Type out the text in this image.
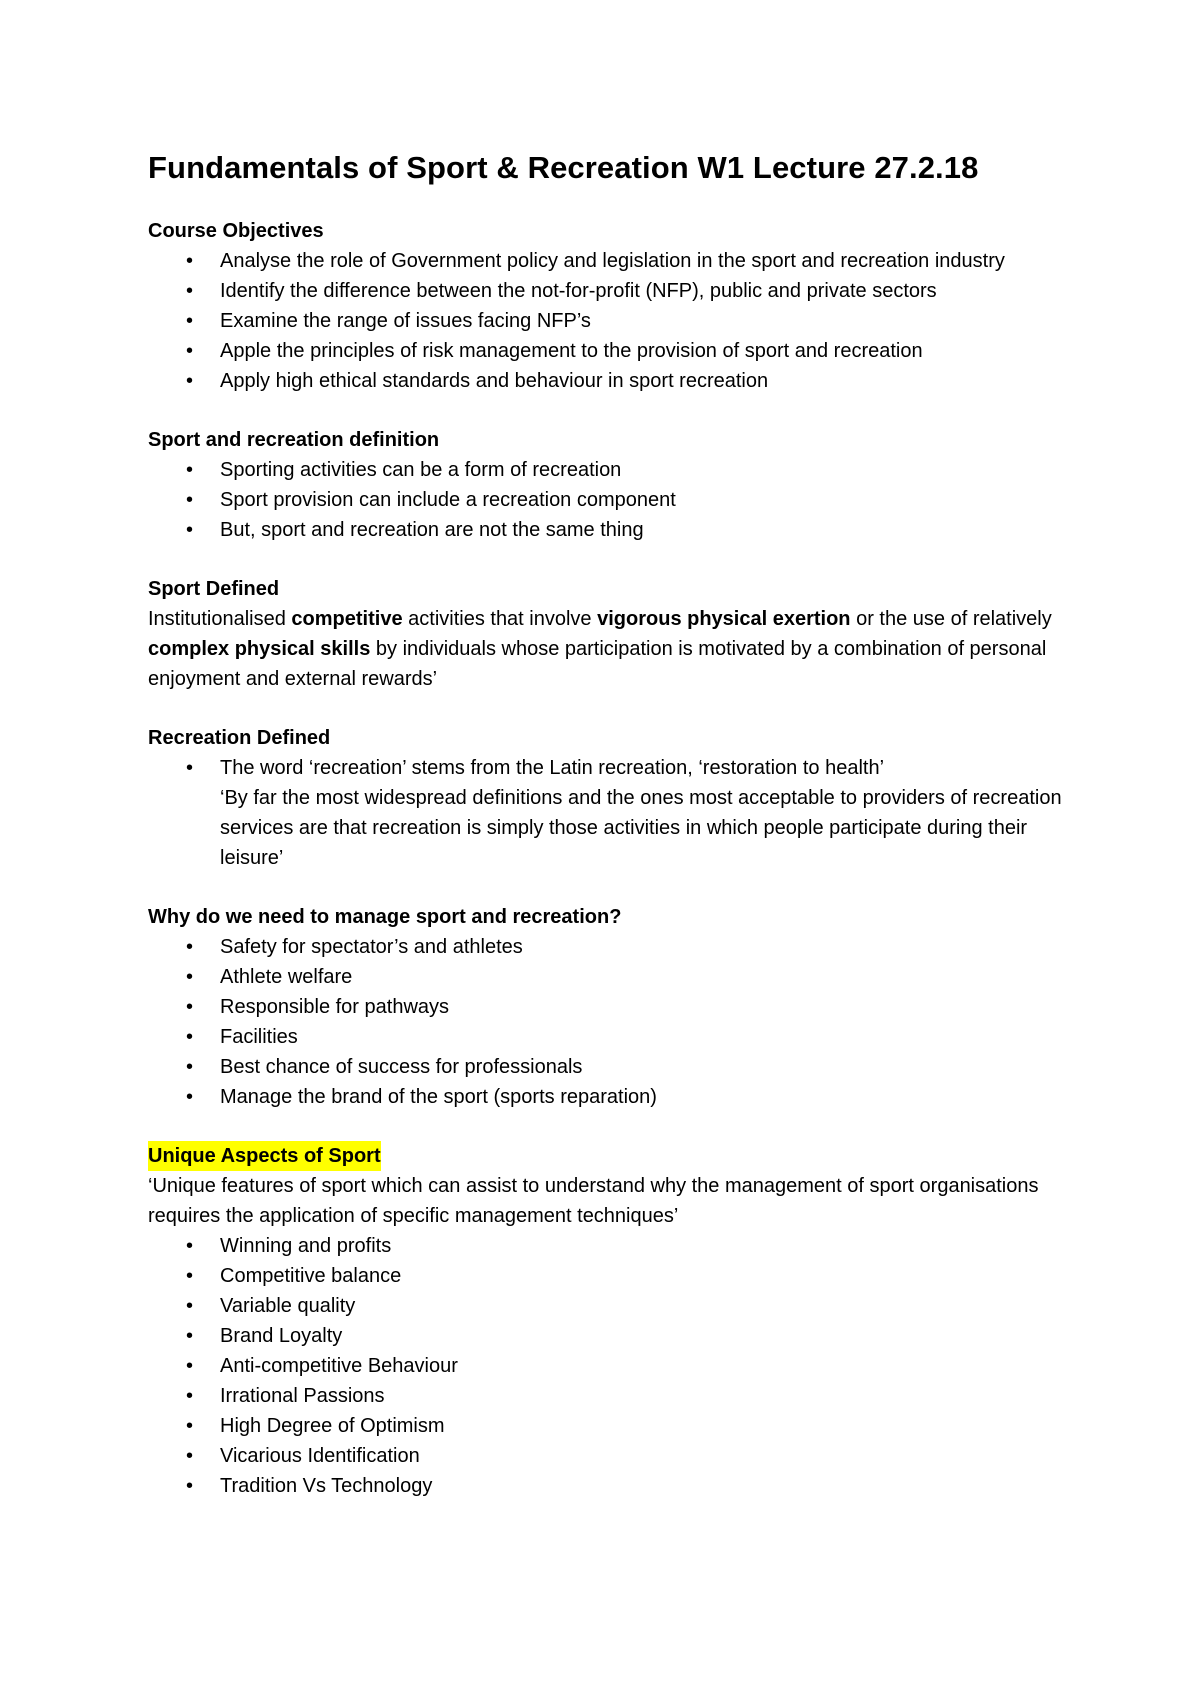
Fundamentals of Sport & Recreation W1 Lecture 27.2.18

Course Objectives

• Analyse the role of Government policy and legislation in the sport and recreation industry
• Identify the difference between the not-for-profit (NFP), public and private sectors
• Examine the range of issues facing NFP’s
• Apple the principles of risk management to the provision of sport and recreation
• Apply high ethical standards and behaviour in sport recreation

Sport and recreation definition

• Sporting activities can be a form of recreation
• Sport provision can include a recreation component
• But, sport and recreation are not the same thing

Sport Defined

Institutionalised competitive activities that involve vigorous physical exertion or the use of relatively complex physical skills by individuals whose participation is motivated by a combination of personal enjoyment and external rewards’

Recreation Defined

• The word ‘recreation’ stems from the Latin recreation, ‘restoration to health’

‘By far the most widespread definitions and the ones most acceptable to providers of recreation services are that recreation is simply those activities in which people participate during their leisure’

Why do we need to manage sport and recreation?

• Safety for spectator’s and athletes
• Athlete welfare
• Responsible for pathways
• Facilities
• Best chance of success for professionals
• Manage the brand of the sport (sports reparation)

Unique Aspects of Sport

‘Unique features of sport which can assist to understand why the management of sport organisations requires the application of specific management techniques’

• Winning and profits
• Competitive balance
• Variable quality
• Brand Loyalty
• Anti-competitive Behaviour
• Irrational Passions
• High Degree of Optimism
• Vicarious Identification
• Tradition Vs Technology
